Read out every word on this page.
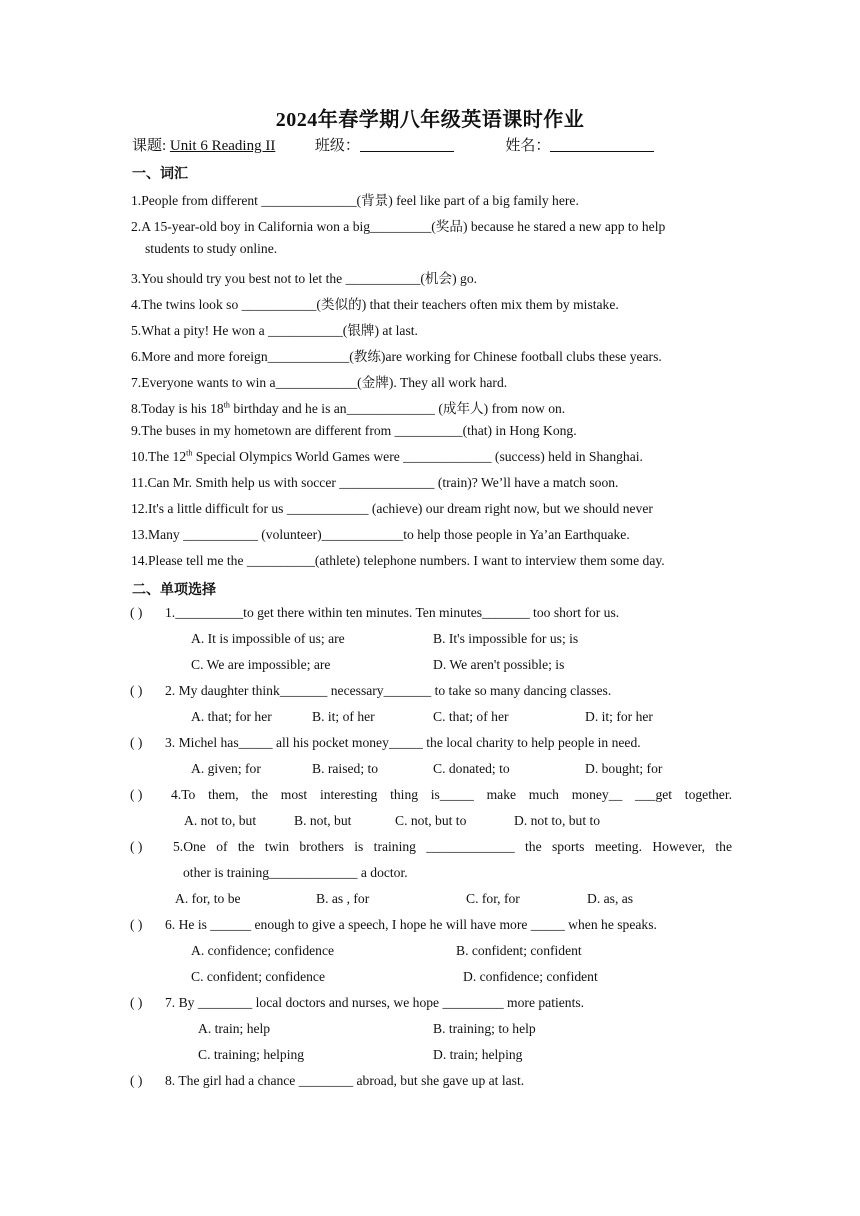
2024年春学期八年级英语课时作业
课题: Unit 6 Reading II	班级：	姓名：
一、词汇
1.People from different ______________(背景) feel like part of a big family here.
2.A 15-year-old boy in California won a big_________(奖品) because he stared a new app to help
students to study online.
3.You should try you best not to let the ___________(机会) go.
4.The twins look so ___________(类似的) that their teachers often mix them by mistake.
5.What a pity! He won a ___________(银牌) at last.
6.More and more foreign____________(教练)are working for Chinese football clubs these years.
7.Everyone wants to win a____________(金牌). They all work hard.
8.Today is his 18th birthday and he is an_____________ (成年人) from now on.
9.The buses in my hometown are different from __________(that) in Hong Kong.
10.The 12th Special Olympics World Games were _____________ (success) held in Shanghai.
11.Can Mr. Smith help us with soccer ______________ (train)? We’ll have a match soon.
12.It's a little difficult for us ____________ (achieve) our dream right now, but we should never
13.Many ___________ (volunteer)____________to help those people in Ya’an Earthquake.
14.Please tell me the __________(athlete) telephone numbers. I want to interview them some day.
二、单项选择
( ) 1.__________to get there within ten minutes. Ten minutes_______ too short for us.
A. It is impossible of us; are	B. It's impossible for us; is
C. We are impossible; are	D. We aren't possible; is
( ) 2. My daughter think_______ necessary_______ to take so many dancing classes.
A. that; for her	B. it; of her	C. that; of her	D. it; for her
( ) 3. Michel has_____ all his pocket money_____ the local charity to help people in need.
A. given; for	B. raised; to	C. donated; to	D. bought; for
( ) 4.To them, the most interesting thing is_____ make much money__ ___get together.
A. not to, but	B. not, but	C. not, but to	D. not to, but to
( ) 5.One of the twin brothers is training _____________ the sports meeting. However, the
other is training_____________ a doctor.
A. for, to be	B. as , for	C. for, for	D. as, as
( ) 6. He is ______ enough to give a speech, I hope he will have more _____ when he speaks.
A. confidence; confidence	B. confident; confident
C. confident; confidence	D. confidence; confident
( ) 7. By ________ local doctors and nurses, we hope _________ more patients.
A. train; help	B. training; to help
C. training; helping	D. train; helping
( ) 8. The girl had a chance ________ abroad, but she gave up at last.
